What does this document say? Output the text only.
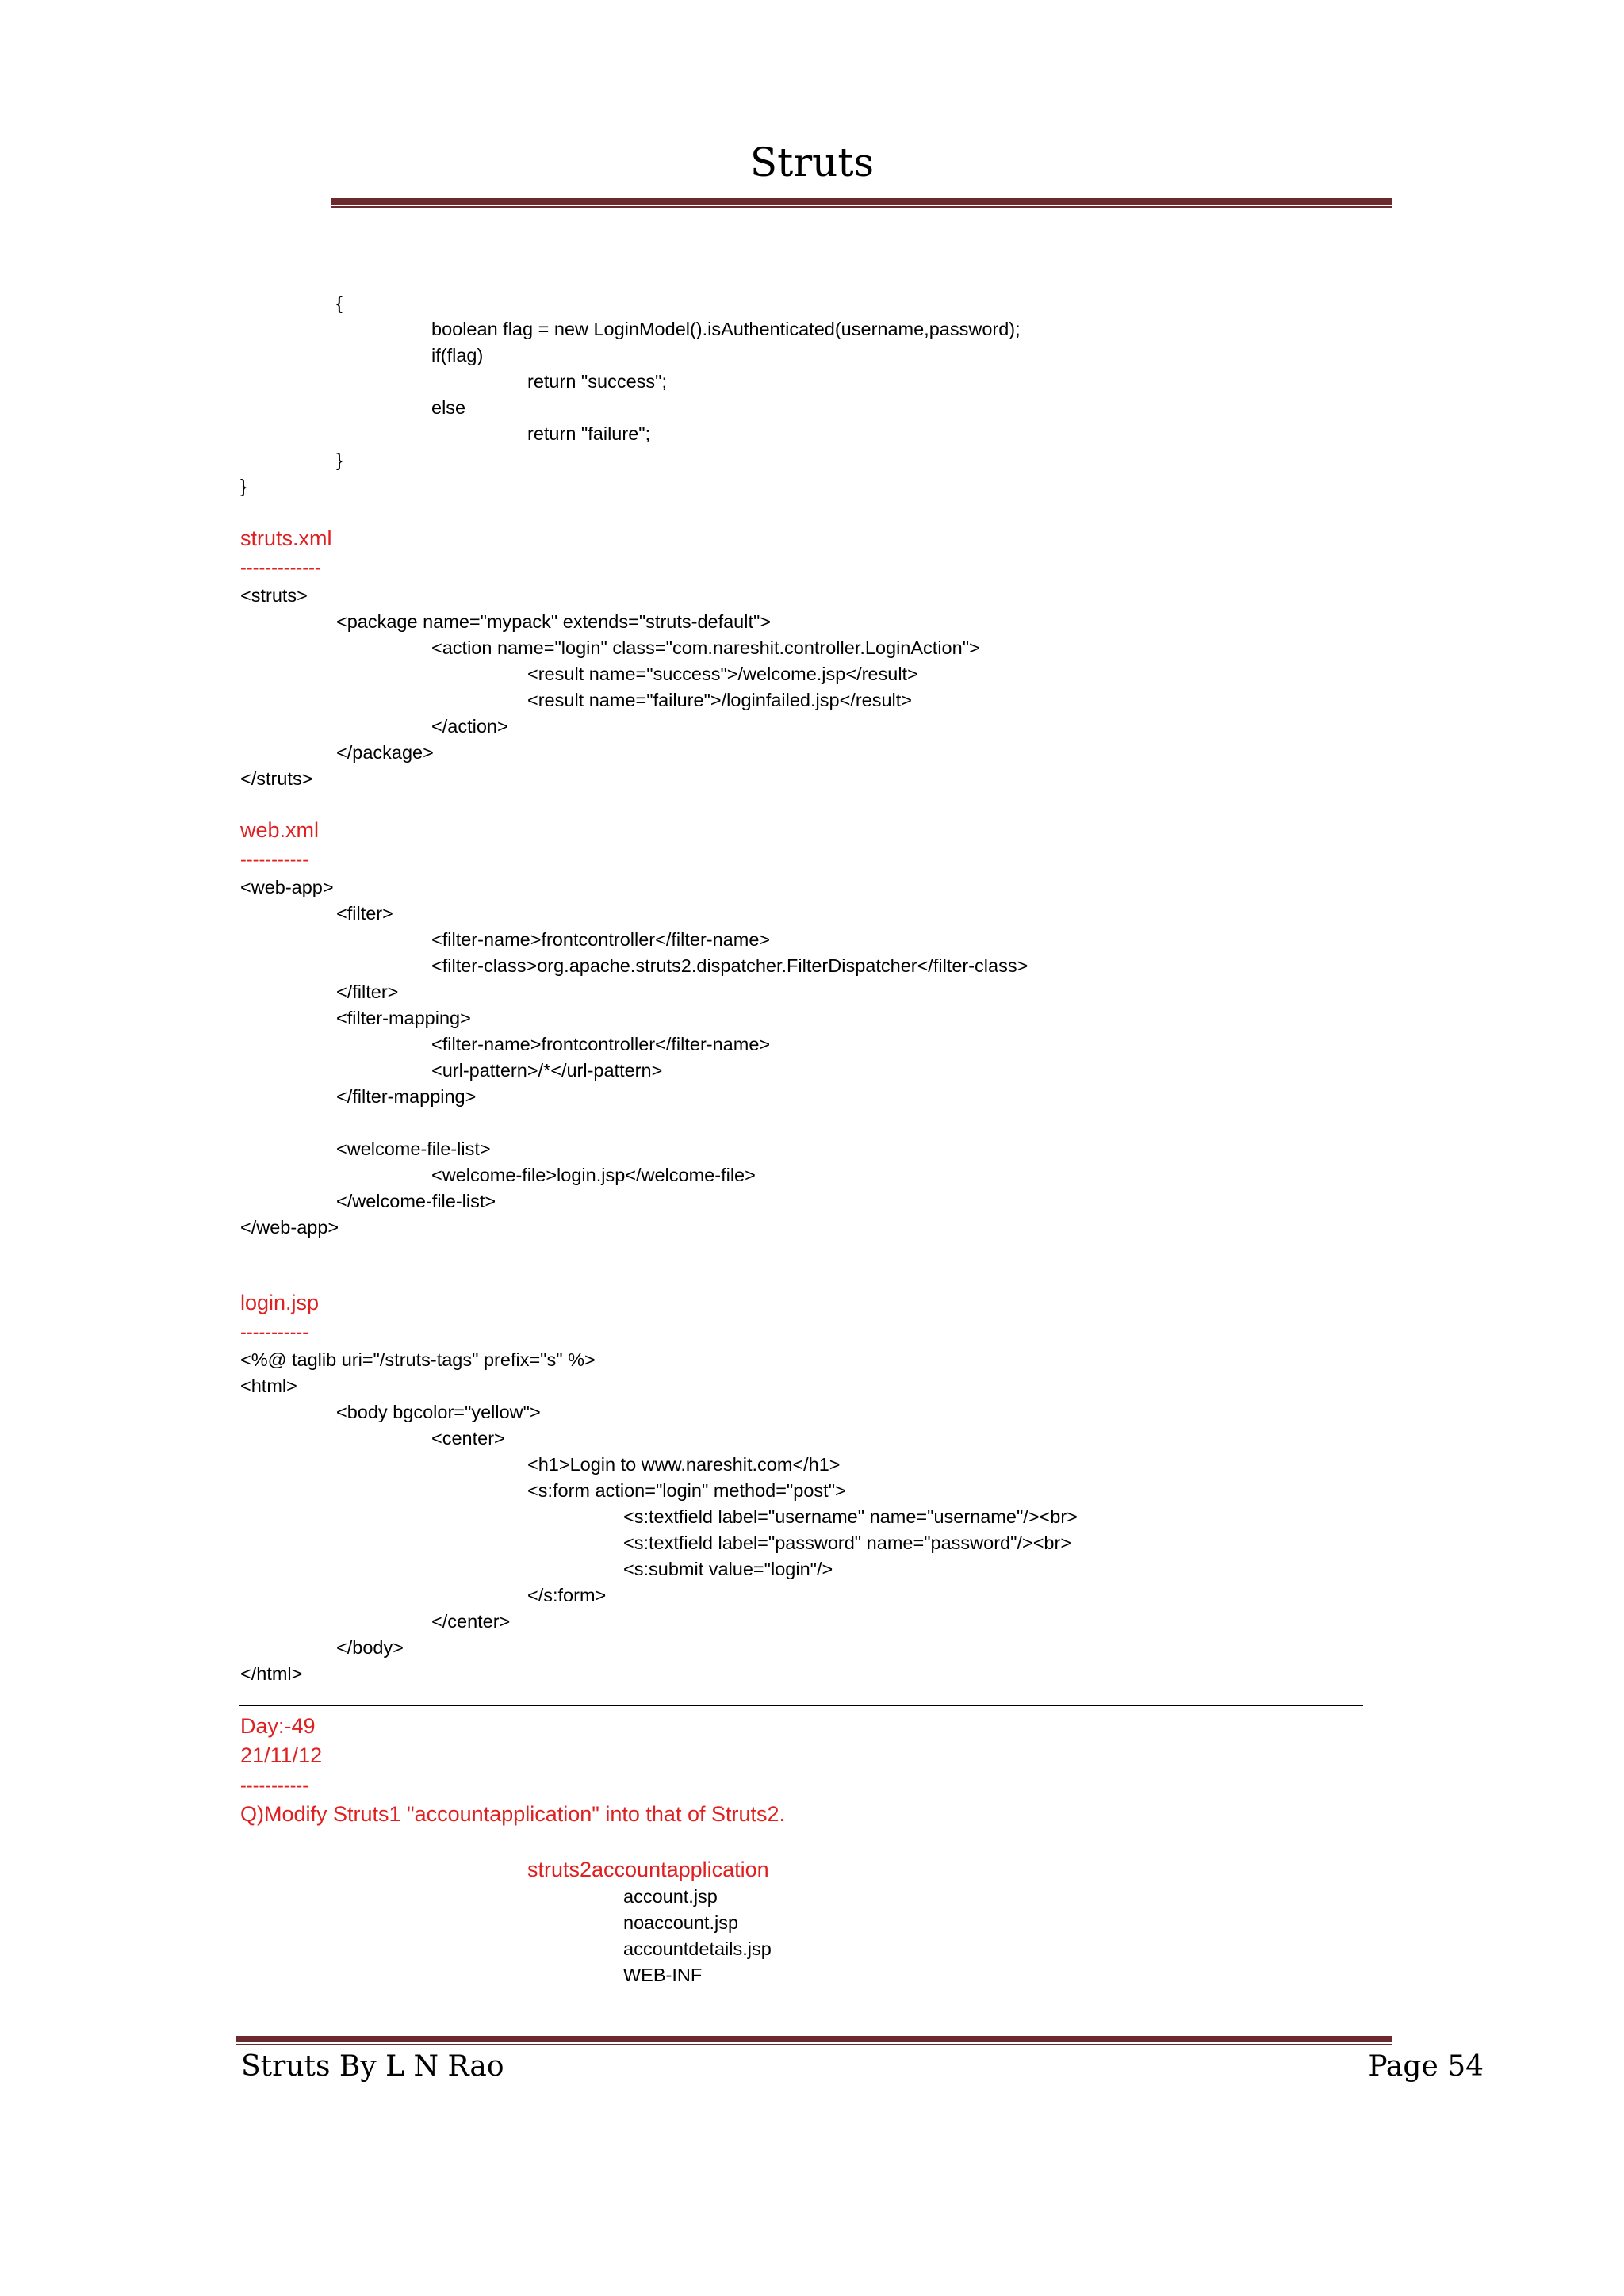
Struts
{
boolean flag = new LoginModel().isAuthenticated(username,password);
if(flag)
return "success";
else
return "failure";
}
}
struts.xml
-------------
<struts>
<package name="mypack" extends="struts-default">
<action name="login" class="com.nareshit.controller.LoginAction">
<result name="success">/welcome.jsp</result>
<result name="failure">/loginfailed.jsp</result>
</action>
</package>
</struts>
web.xml
-----------
<web-app>
<filter>
<filter-name>frontcontroller</filter-name>
<filter-class>org.apache.struts2.dispatcher.FilterDispatcher</filter-class>
</filter>
<filter-mapping>
<filter-name>frontcontroller</filter-name>
<url-pattern>/*</url-pattern>
</filter-mapping>
<welcome-file-list>
<welcome-file>login.jsp</welcome-file>
</welcome-file-list>
</web-app>
login.jsp
-----------
<%@ taglib uri="/struts-tags" prefix="s" %>
<html>
<body bgcolor="yellow">
<center>
<h1>Login to www.nareshit.com</h1>
<s:form action="login" method="post">
<s:textfield label="username" name="username"/><br>
<s:textfield label="password" name="password"/><br>
<s:submit value="login"/>
</s:form>
</center>
</body>
</html>
Day:-49
21/11/12
-----------
Q)Modify Struts1 "accountapplication" into that of Struts2.
struts2accountapplication
account.jsp
noaccount.jsp
accountdetails.jsp
WEB-INF
Struts By L N Rao	Page 54
